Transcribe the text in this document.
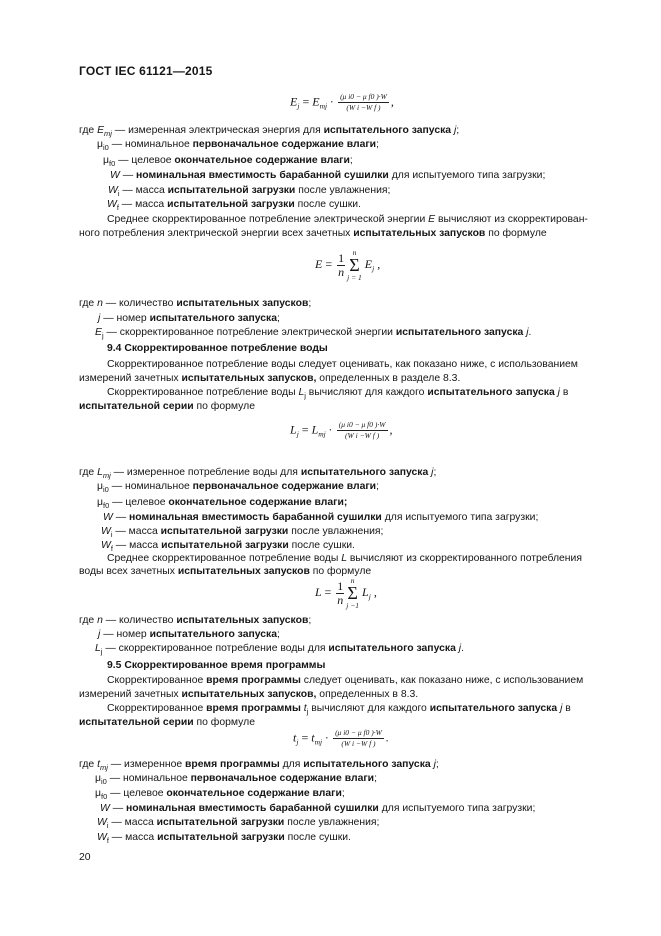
ГОСТ IEC 61121—2015
$E_j = E_{mj} \cdot \frac{\text{(μ i0 − μ f0 )·W}}{\text{(W i −W f )}}$ ,
где $E_{mj}$ — измеренная электрическая энергия для испытательного запуска j;
$\mu_{i0}$ — номинальное первоначальное содержание влаги;
$\mu_{f0}$ — целевое окончательное содержание влаги;
W — номинальная вместимость барабанной сушилки для испытуемого типа загрузки;
$W_i$ — масса испытательной загрузки после увлажнения;
$W_f$ — масса испытательной загрузки после сушки.
Среднее скорректированное потребление электрической энергии E вычисляют из скорректирован-
ного потребления электрической энергии всех зачетных испытательных запусков по формуле
$E = \frac{1}{n}$ n
Σ
j = 1
$E_j$ ,
где n — количество испытательных запусков;
j — номер испытательного запуска;
$E_j$ — скорректированное потребление электрической энергии испытательного запуска j.
9.4 Скорректированное потребление воды
Скорректированное потребление воды следует оценивать, как показано ниже, с использованием
измерений зачетных испытательных запусков, определенных в разделе 8.3.
Скорректированное потребление воды $L_j$ вычисляют для каждого испытательного запуска j в
испытательной серии по формуле
$L_j = L_{mj} \cdot \frac{\text{(μ i0 − μ f0 )·W}}{\text{(W i −W f )}}$ ,
где $L_{mj}$ — измеренное потребление воды для испытательного запуска j;
$\mu_{i0}$ — номинальное первоначальное содержание влаги;
$\mu_{f0}$ — целевое окончательное содержание влаги;
W — номинальная вместимость барабанной сушилки для испытуемого типа загрузки;
$W_i$ — масса испытательной загрузки после увлажнения;
$W_f$ — масса испытательной загрузки после сушки.
Среднее скорректированное потребление воды L вычисляют из скорректированного потребления
воды всех зачетных испытательных запусков по формуле
$L = \frac{1}{n}$ n
Σ
j −1
$L_j$ ,
где n — количество испытательных запусков;
j — номер испытательного запуска;
$L_j$ — скорректированное потребление воды для испытательного запуска j.
9.5 Скорректированное время программы
Скорректированное время программы следует оценивать, как показано ниже, с использованием
измерений зачетных испытательных запусков, определенных в 8.3.
Скорректированное время программы $t_j$ вычисляют для каждого испытательного запуска j в
испытательной серии по формуле
$t_j = t_{mj} \cdot \frac{\text{(μ i0 − μ f0 )·W}}{\text{(W i −W f )}}$ .
где $t_{mj}$ — измеренное время программы для испытательного запуска j;
$\mu_{i0}$ — номинальное первоначальное содержание влаги;
$\mu_{f0}$ — целевое окончательное содержание влаги;
W — номинальная вместимость барабанной сушилки для испытуемого типа загрузки;
$W_i$ — масса испытательной загрузки после увлажнения;
$W_f$ — масса испытательной загрузки после сушки.
20
